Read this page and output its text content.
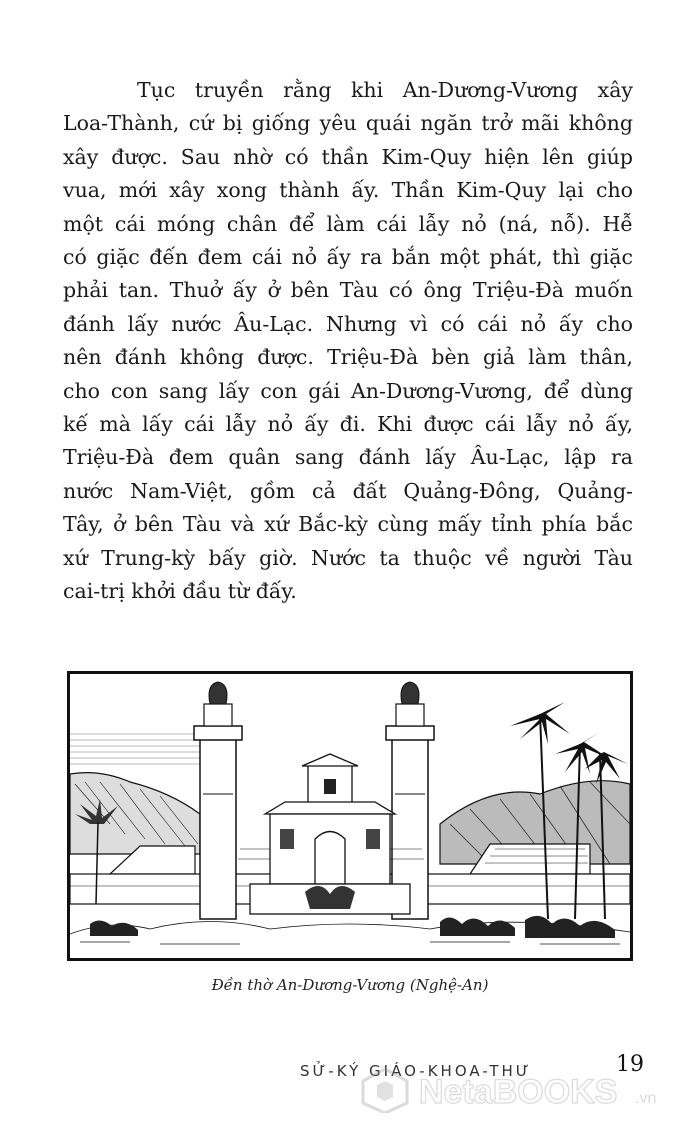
Tục truyền rằng khi An-Dương-Vương xây
Loa-Thành, cứ bị giống yêu quái ngăn trở mãi không
xây được. Sau nhờ có thần Kim-Quy hiện lên giúp
vua, mới xây xong thành ấy. Thần Kim-Quy lại cho
một cái móng chân để làm cái lẫy nỏ (ná, nỗ). Hễ
có giặc đến đem cái nỏ ấy ra bắn một phát, thì giặc
phải tan. Thuở ấy ở bên Tàu có ông Triệu-Đà muốn
đánh lấy nước Âu-Lạc. Nhưng vì có cái nỏ ấy cho
nên đánh không được. Triệu-Đà bèn giả làm thân,
cho con sang lấy con gái An-Dương-Vương, để dùng
kế mà lấy cái lẫy nỏ ấy đi. Khi được cái lẫy nỏ ấy,
Triệu-Đà đem quân sang đánh lấy Âu-Lạc, lập ra
nước Nam-Việt, gồm cả đất Quảng-Đông, Quảng-
Tây, ở bên Tàu và xứ Bắc-kỳ cùng mấy tỉnh phía bắc
xứ Trung-kỳ bấy giờ. Nước ta thuộc về người Tàu
cai-trị khởi đầu từ đấy.
Đền thờ An-Dương-Vương (Nghệ-An)
SỬ-KÝ GIÁO-KHOA-THƯ	19
NetaBOOKS .vn
